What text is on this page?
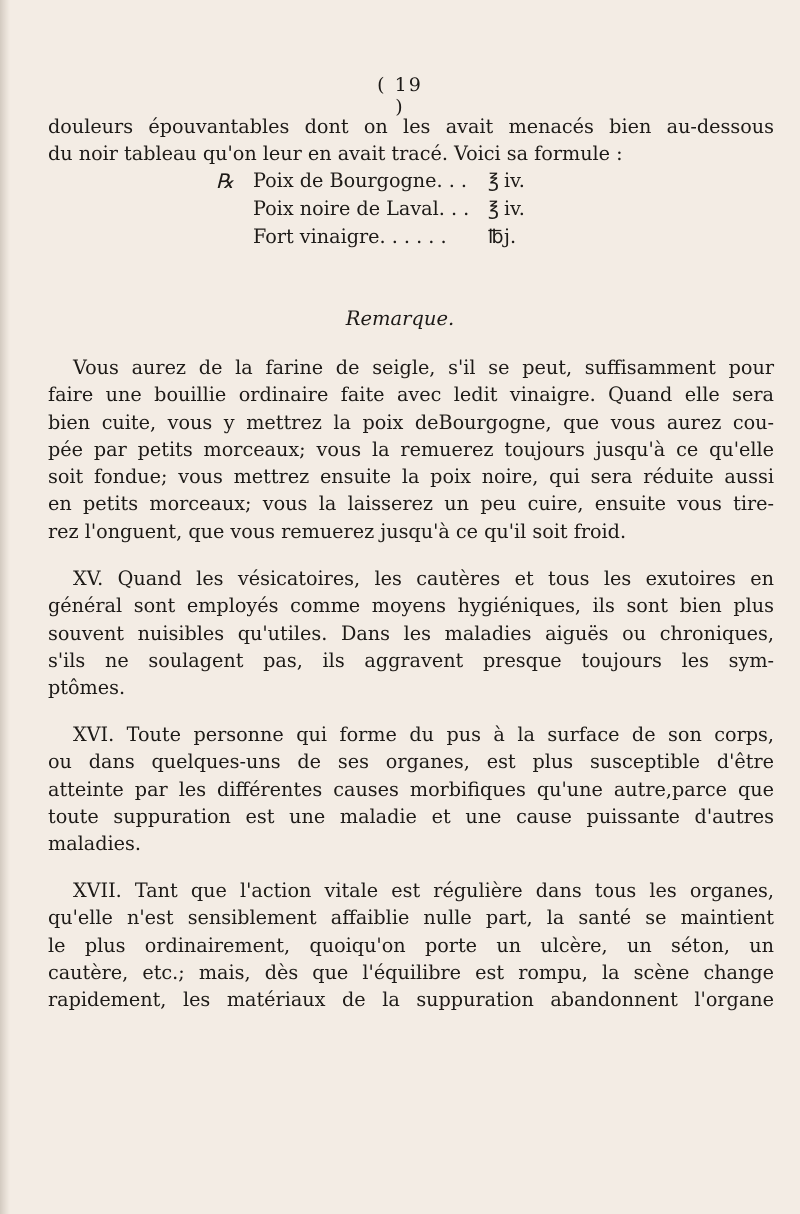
( 19 )
douleurs épouvantables dont on les avait menacés bien au-dessous
du noir tableau qu'on leur en avait tracé. Voici sa formule :
℞ Poix de Bourgogne. . .	℥ iv.
Poix noire de Laval. . . ℥ iv.
Fort vinaigre. . . . . .	℔ j.
Remarque.
Vous aurez de la farine de seigle, s'il se peut, suffisamment pour
faire une bouillie ordinaire faite avec ledit vinaigre. Quand elle sera
bien cuite, vous y mettrez la poix deBourgogne, que vous aurez cou-
pée par petits morceaux; vous la remuerez toujours jusqu'à ce qu'elle
soit fondue; vous mettrez ensuite la poix noire, qui sera réduite aussi
en petits morceaux; vous la laisserez un peu cuire, ensuite vous tire-
rez l'onguent, que vous remuerez jusqu'à ce qu'il soit froid.
XV. Quand les vésicatoires, les cautères et tous les exutoires en
général sont employés comme moyens hygiéniques, ils sont bien plus
souvent nuisibles qu'utiles. Dans les maladies aiguës ou chroniques,
s'ils ne soulagent pas, ils aggravent presque toujours les sym-
ptômes.
XVI. Toute personne qui forme du pus à la surface de son corps,
ou dans quelques-uns de ses organes, est plus susceptible d'être
atteinte par les différentes causes morbifiques qu'une autre,parce que
toute suppuration est une maladie et une cause puissante d'autres
maladies.
XVII. Tant que l'action vitale est régulière dans tous les organes,
qu'elle n'est sensiblement affaiblie nulle part, la santé se maintient
le plus ordinairement, quoiqu'on porte un ulcère, un séton, un
cautère, etc.; mais, dès que l'équilibre est rompu, la scène change
rapidement, les matériaux de la suppuration abandonnent l'organe
